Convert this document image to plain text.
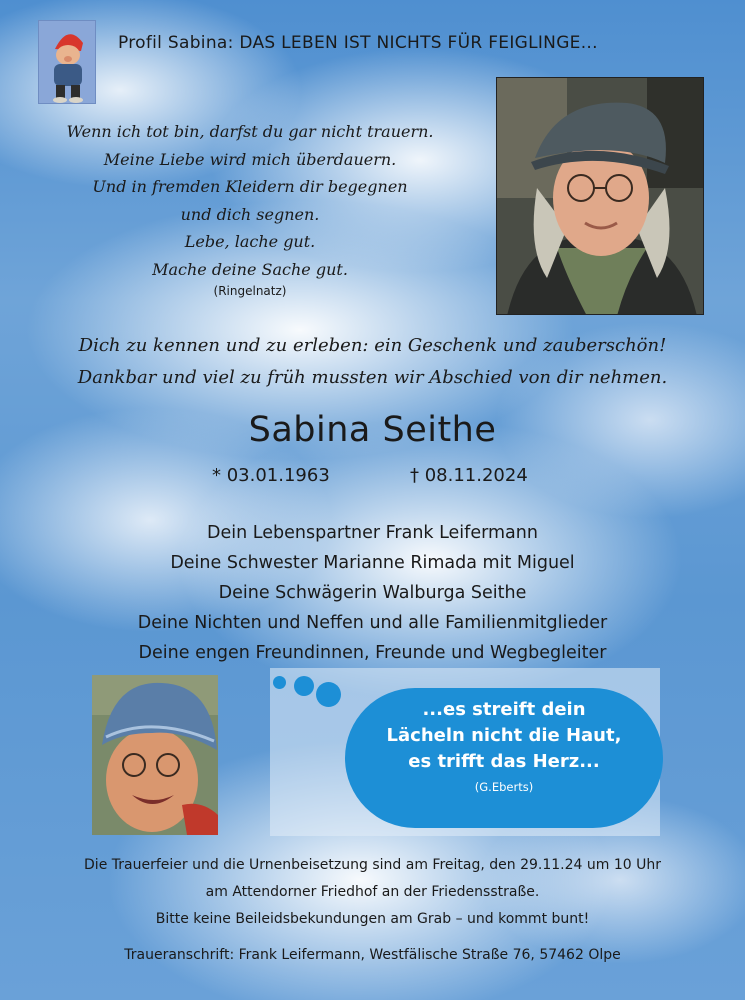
Profil Sabina: DAS LEBEN IST NICHTS FÜR FEIGLINGE...
Wenn ich tot bin, darfst du gar nicht trauern.
Meine Liebe wird mich überdauern.
Und in fremden Kleidern dir begegnen
und dich segnen.
Lebe, lache gut.
Mache deine Sache gut.
(Ringelnatz)
Dich zu kennen und zu erleben: ein Geschenk und zauberschön!
Dankbar und viel zu früh mussten wir Abschied von dir nehmen.
Sabina Seithe
* 03.01.1963	† 08.11.2024
Dein Lebenspartner Frank Leifermann
Deine Schwester Marianne Rimada mit Miguel
Deine Schwägerin Walburga Seithe
Deine Nichten und Neffen und alle Familienmitglieder
Deine engen Freundinnen, Freunde und Wegbegleiter
...es streift dein
Lächeln nicht die Haut,
es trifft das Herz...
(G.Eberts)
Die Trauerfeier und die Urnenbeisetzung sind am Freitag, den 29.11.24 um 10 Uhr
am Attendorner Friedhof an der Friedensstraße.
Bitte keine Beileidsbekundungen am Grab – und kommt bunt!
Traueranschrift: Frank Leifermann, Westfälische Straße 76, 57462 Olpe
